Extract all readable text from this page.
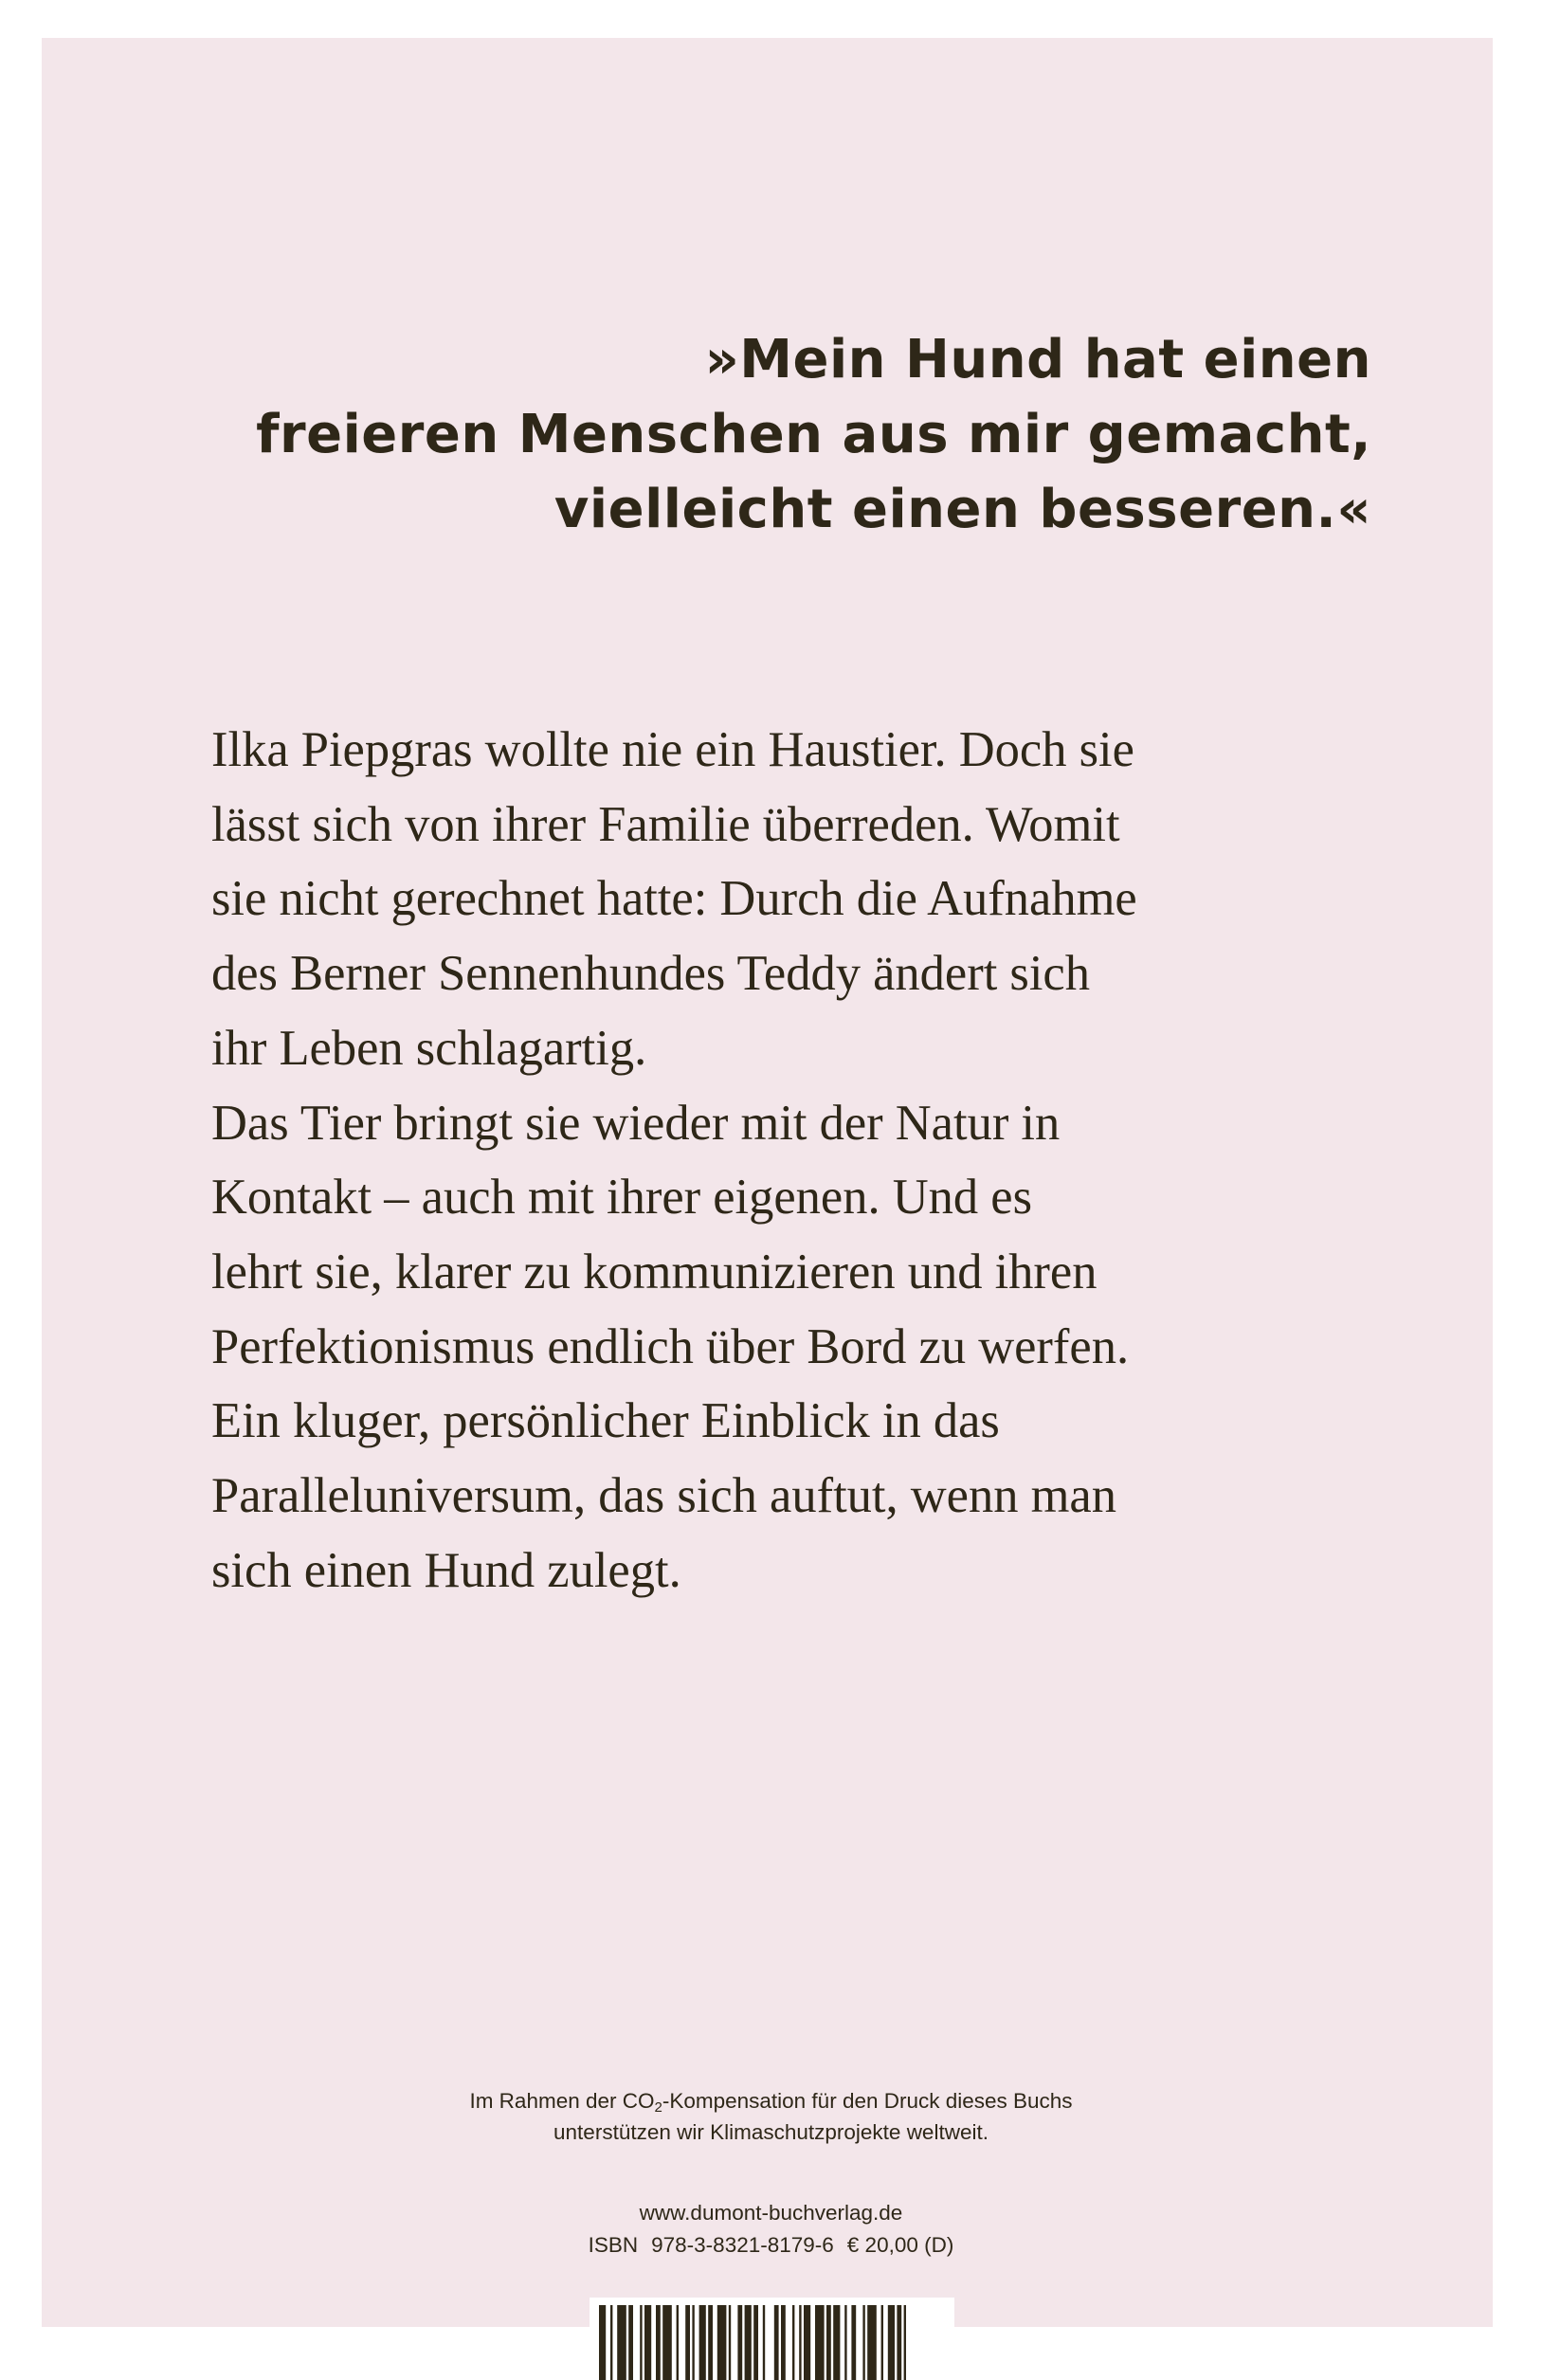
»Mein Hund hat einen
freieren Menschen aus mir gemacht,
vielleicht einen besseren.«
Ilka Piepgras wollte nie ein Haustier. Doch sie
lässt sich von ihrer Familie überreden. Womit
sie nicht gerechnet hatte: Durch die Aufnahme
des Berner Sennenhundes Teddy ändert sich
ihr Leben schlagartig.
Das Tier bringt sie wieder mit der Natur in
Kontakt – auch mit ihrer eigenen. Und es
lehrt sie, klarer zu kommunizieren und ihren
Perfektionismus endlich über Bord zu werfen.
Ein kluger, persönlicher Einblick in das
Paralleluniversum, das sich auftut, wenn man
sich einen Hund zulegt.
Im Rahmen der $CO_2$-Kompensation für den Druck dieses Buchs
unterstützen wir Klimaschutzprojekte weltweit.
www.dumont-buchverlag.de
ISBN 978-3-8321-8179-6 € 20,00 (D)
